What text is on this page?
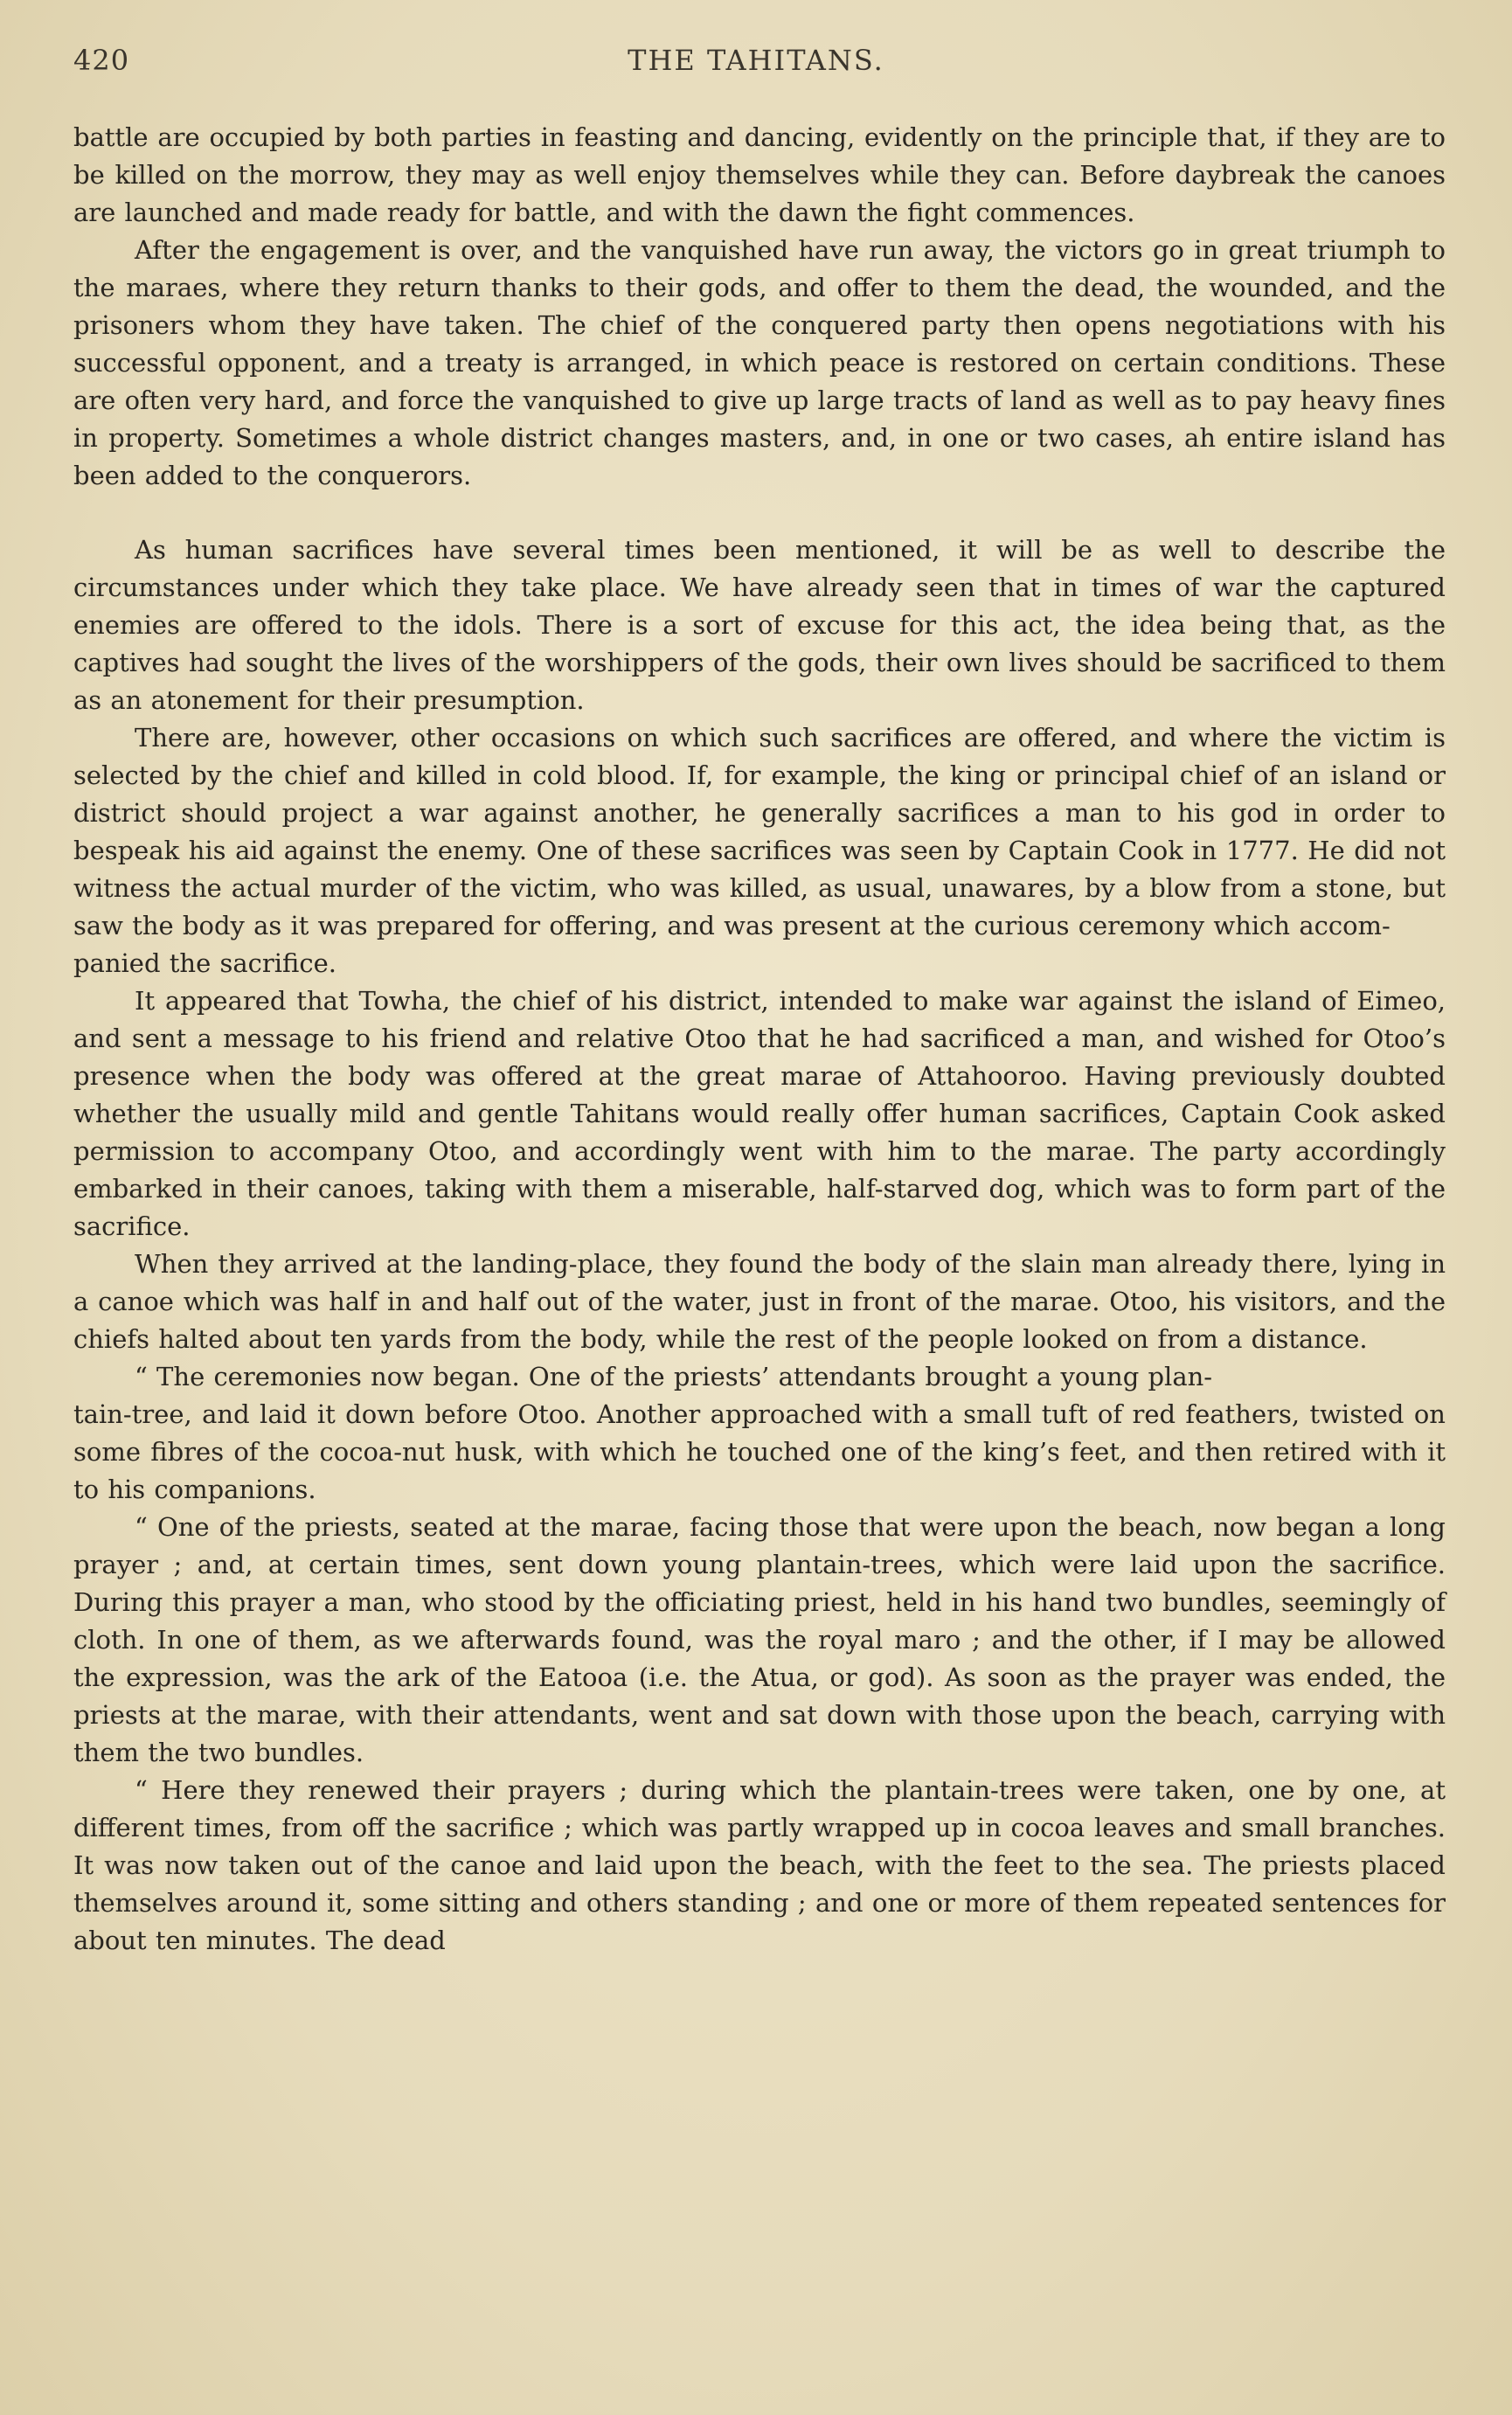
420	THE TAHITANS.

battle are occupied by both parties in feasting and dancing, evidently on the principle that, if they are to be killed on the morrow, they may as well enjoy themselves while they can. Before daybreak the canoes are launched and made ready for battle, and with the dawn the fight commences.

After the engagement is over, and the vanquished have run away, the victors go in great triumph to the maraes, where they return thanks to their gods, and offer to them the dead, the wounded, and the prisoners whom they have taken. The chief of the conquered party then opens negotiations with his successful opponent, and a treaty is arranged, in which peace is restored on certain conditions. These are often very hard, and force the vanquished to give up large tracts of land as well as to pay heavy fines in property. Sometimes a whole district changes masters, and, in one or two cases, ah entire island has been added to the conquerors.

As human sacrifices have several times been mentioned, it will be as well to describe the circumstances under which they take place. We have already seen that in times of war the captured enemies are offered to the idols. There is a sort of excuse for this act, the idea being that, as the captives had sought the lives of the worshippers of the gods, their own lives should be sacrificed to them as an atonement for their presumption.

There are, however, other occasions on which such sacrifices are offered, and where the victim is selected by the chief and killed in cold blood. If, for example, the king or principal chief of an island or district should project a war against another, he generally sacrifices a man to his god in order to bespeak his aid against the enemy. One of these sacrifices was seen by Captain Cook in 1777. He did not witness the actual murder of the victim, who was killed, as usual, unawares, by a blow from a stone, but saw the body as it was prepared for offering, and was present at the curious ceremony which accom-
panied the sacrifice.

It appeared that Towha, the chief of his district, intended to make war against the island of Eimeo, and sent a message to his friend and relative Otoo that he had sacrificed a man, and wished for Otoo’s presence when the body was offered at the great marae of Attahooroo. Having previously doubted whether the usually mild and gentle Tahitans would really offer human sacrifices, Captain Cook asked permission to accompany Otoo, and accordingly went with him to the marae. The party accordingly embarked in their canoes, taking with them a miserable, half-starved dog, which was to form part of the sacrifice.

When they arrived at the landing-place, they found the body of the slain man already there, lying in a canoe which was half in and half out of the water, just in front of the marae. Otoo, his visitors, and the chiefs halted about ten yards from the body, while the rest of the people looked on from a distance.

“ The ceremonies now began. One of the priests’ attendants brought a young plan-
tain-tree, and laid it down before Otoo. Another approached with a small tuft of red feathers, twisted on some fibres of the cocoa-nut husk, with which he touched one of the king’s feet, and then retired with it to his companions.

“ One of the priests, seated at the marae, facing those that were upon the beach, now began a long prayer ; and, at certain times, sent down young plantain-trees, which were laid upon the sacrifice. During this prayer a man, who stood by the officiating priest, held in his hand two bundles, seemingly of cloth. In one of them, as we afterwards found, was the royal maro ; and the other, if I may be allowed the expression, was the ark of the Eatooa (i.e. the Atua, or god). As soon as the prayer was ended, the priests at the marae, with their attendants, went and sat down with those upon the beach, carrying with them the two bundles.

“ Here they renewed their prayers ; during which the plantain-trees were taken, one by one, at different times, from off the sacrifice ; which was partly wrapped up in cocoa leaves and small branches. It was now taken out of the canoe and laid upon the beach, with the feet to the sea. The priests placed themselves around it, some sitting and others standing ; and one or more of them repeated sentences for about ten minutes. The dead
